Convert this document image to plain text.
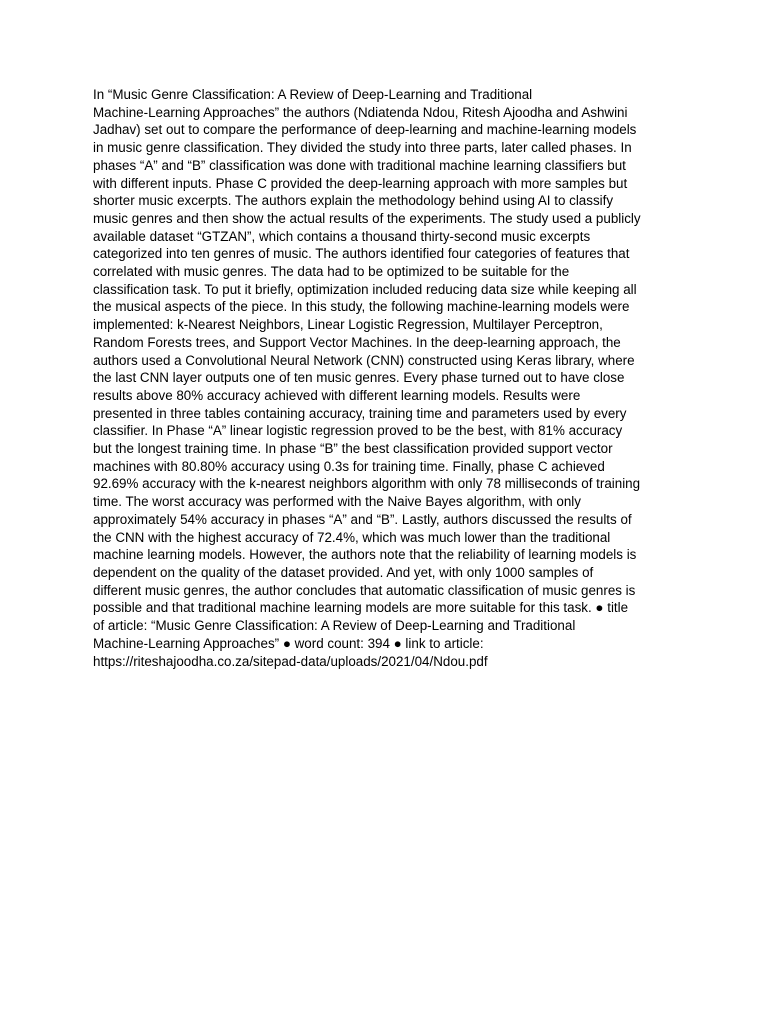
In “Music Genre Classification: A Review of Deep-Learning and Traditional
Machine-Learning Approaches” the authors (Ndiatenda Ndou, Ritesh Ajoodha and Ashwini
Jadhav) set out to compare the performance of deep-learning and machine-learning models
in music genre classification. They divided the study into three parts, later called phases. In
phases “A” and “B” classification was done with traditional machine learning classifiers but
with different inputs. Phase C provided the deep-learning approach with more samples but
shorter music excerpts. The authors explain the methodology behind using AI to classify
music genres and then show the actual results of the experiments. The study used a publicly
available dataset “GTZAN”, which contains a thousand thirty-second music excerpts
categorized into ten genres of music. The authors identified four categories of features that
correlated with music genres. The data had to be optimized to be suitable for the
classification task. To put it briefly, optimization included reducing data size while keeping all
the musical aspects of the piece. In this study, the following machine-learning models were
implemented: k-Nearest Neighbors, Linear Logistic Regression, Multilayer Perceptron,
Random Forests trees, and Support Vector Machines. In the deep-learning approach, the
authors used a Convolutional Neural Network (CNN) constructed using Keras library, where
the last CNN layer outputs one of ten music genres. Every phase turned out to have close
results above 80% accuracy achieved with different learning models. Results were
presented in three tables containing accuracy, training time and parameters used by every
classifier. In Phase “A” linear logistic regression proved to be the best, with 81% accuracy
but the longest training time. In phase “B” the best classification provided support vector
machines with 80.80% accuracy using 0.3s for training time. Finally, phase C achieved
92.69% accuracy with the k-nearest neighbors algorithm with only 78 milliseconds of training
time. The worst accuracy was performed with the Naive Bayes algorithm, with only
approximately 54% accuracy in phases “A” and “B”. Lastly, authors discussed the results of
the CNN with the highest accuracy of 72.4%, which was much lower than the traditional
machine learning models. However, the authors note that the reliability of learning models is
dependent on the quality of the dataset provided. And yet, with only 1000 samples of
different music genres, the author concludes that automatic classification of music genres is
possible and that traditional machine learning models are more suitable for this task. ● title
of article: “Music Genre Classification: A Review of Deep-Learning and Traditional
Machine-Learning Approaches” ● word count: 394 ● link to article:
https://riteshajoodha.co.za/sitepad-data/uploads/2021/04/Ndou.pdf
